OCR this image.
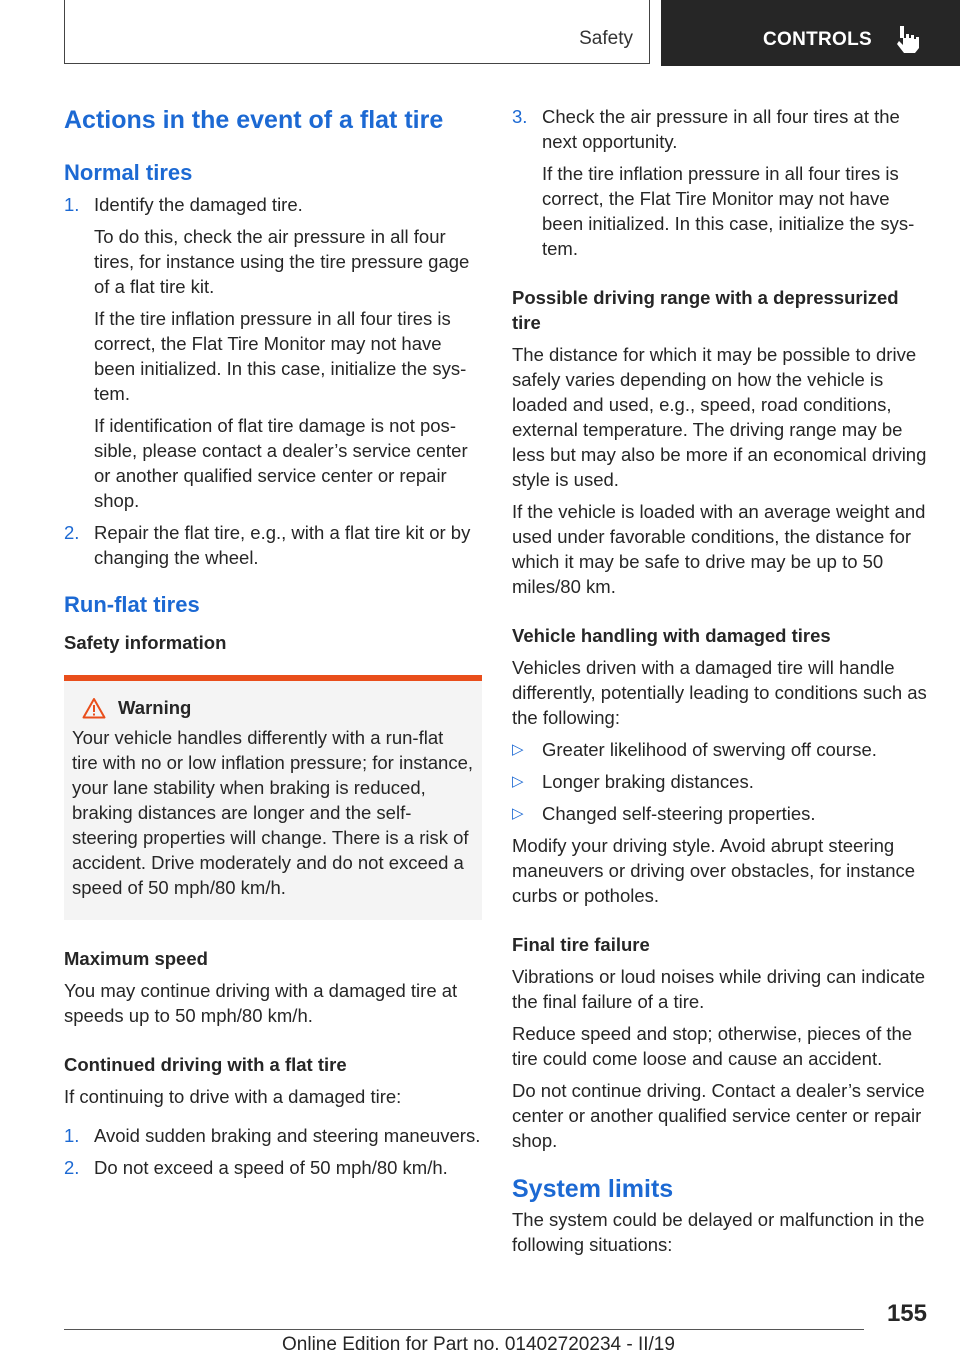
Safety	CONTROLS
Actions in the event of a flat tire
Normal tires
1. Identify the damaged tire.

To do this, check the air pressure in all four tires, for instance using the tire pressure gage of a flat tire kit.

If the tire inflation pressure in all four tires is correct, the Flat Tire Monitor may not have been initialized. In this case, initialize the system.

If identification of flat tire damage is not possible, please contact a dealer’s service center or another qualified service center or repair shop.

2. Repair the flat tire, e.g., with a flat tire kit or by changing the wheel.

Run-flat tires
Safety information
Warning

Your vehicle handles differently with a run-flat tire with no or low inflation pressure; for instance, your lane stability when braking is reduced, braking distances are longer and the self-steering properties will change. There is a risk of accident. Drive moderately and do not exceed a speed of 50 mph/80 km/h.

Maximum speed

You may continue driving with a damaged tire at speeds up to 50 mph/80 km/h.

Continued driving with a flat tire

If continuing to drive with a damaged tire:

1. Avoid sudden braking and steering maneuvers.

2. Do not exceed a speed of 50 mph/80 km/h.

3. Check the air pressure in all four tires at the next opportunity.

If the tire inflation pressure in all four tires is correct, the Flat Tire Monitor may not have been initialized. In this case, initialize the system.

Possible driving range with a depressurized tire

The distance for which it may be possible to drive safely varies depending on how the vehicle is loaded and used, e.g., speed, road conditions, external temperature. The driving range may be less but may also be more if an economical driving style is used.

If the vehicle is loaded with an average weight and used under favorable conditions, the distance for which it may be safe to drive may be up to 50 miles/80 km.

Vehicle handling with damaged tires

Vehicles driven with a damaged tire will handle differently, potentially leading to conditions such as the following:

▷ Greater likelihood of swerving off course.

▷ Longer braking distances.

▷ Changed self-steering properties.

Modify your driving style. Avoid abrupt steering maneuvers or driving over obstacles, for instance curbs or potholes.

Final tire failure

Vibrations or loud noises while driving can indicate the final failure of a tire.

Reduce speed and stop; otherwise, pieces of the tire could come loose and cause an accident.

Do not continue driving. Contact a dealer’s service center or another qualified service center or repair shop.

System limits

The system could be delayed or malfunction in the following situations:

155
Online Edition for Part no. 01402720234 - II/19
